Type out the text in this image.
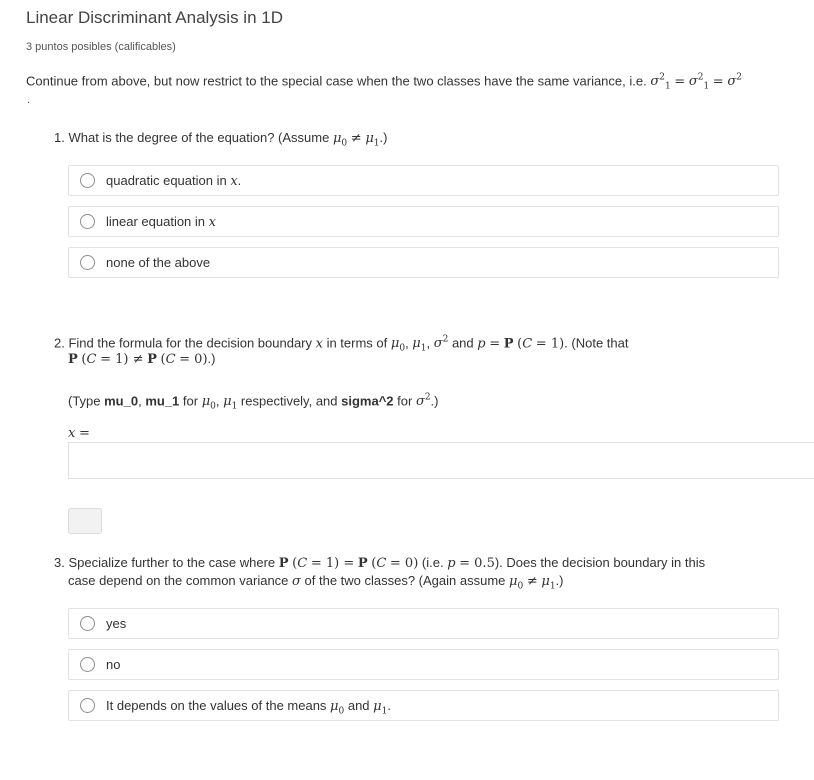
Linear Discriminant Analysis in 1D
3 puntos posibles (calificables)
Continue from above, but now restrict to the special case when the two classes have the same variance, i.e. $\sigma^2_1 = \sigma^2_1 = \sigma^2$
.
1. What is the degree of the equation? (Assume $\mu_0 \ne \mu_1$.)
quadratic equation in x.
linear equation in x
none of the above
2. Find the formula for the decision boundary x in terms of $\mu_0$, $\mu_1$, $\sigma^2$ and p = P (C = 1). (Note that
P (C = 1) ≠ P (C = 0).)
(Type mu_0, mu_1 for $\mu_0$, $\mu_1$ respectively, and sigma^2 for $\sigma^2$.)
x =
3. Specialize further to the case where P (C = 1) = P (C = 0) (i.e. p = 0.5). Does the decision boundary in this
case depend on the common variance σ of the two classes? (Again assume $\mu_0 \ne \mu_1$.)
yes
no
It depends on the values of the means $\mu_0$ and $\mu_1$.
